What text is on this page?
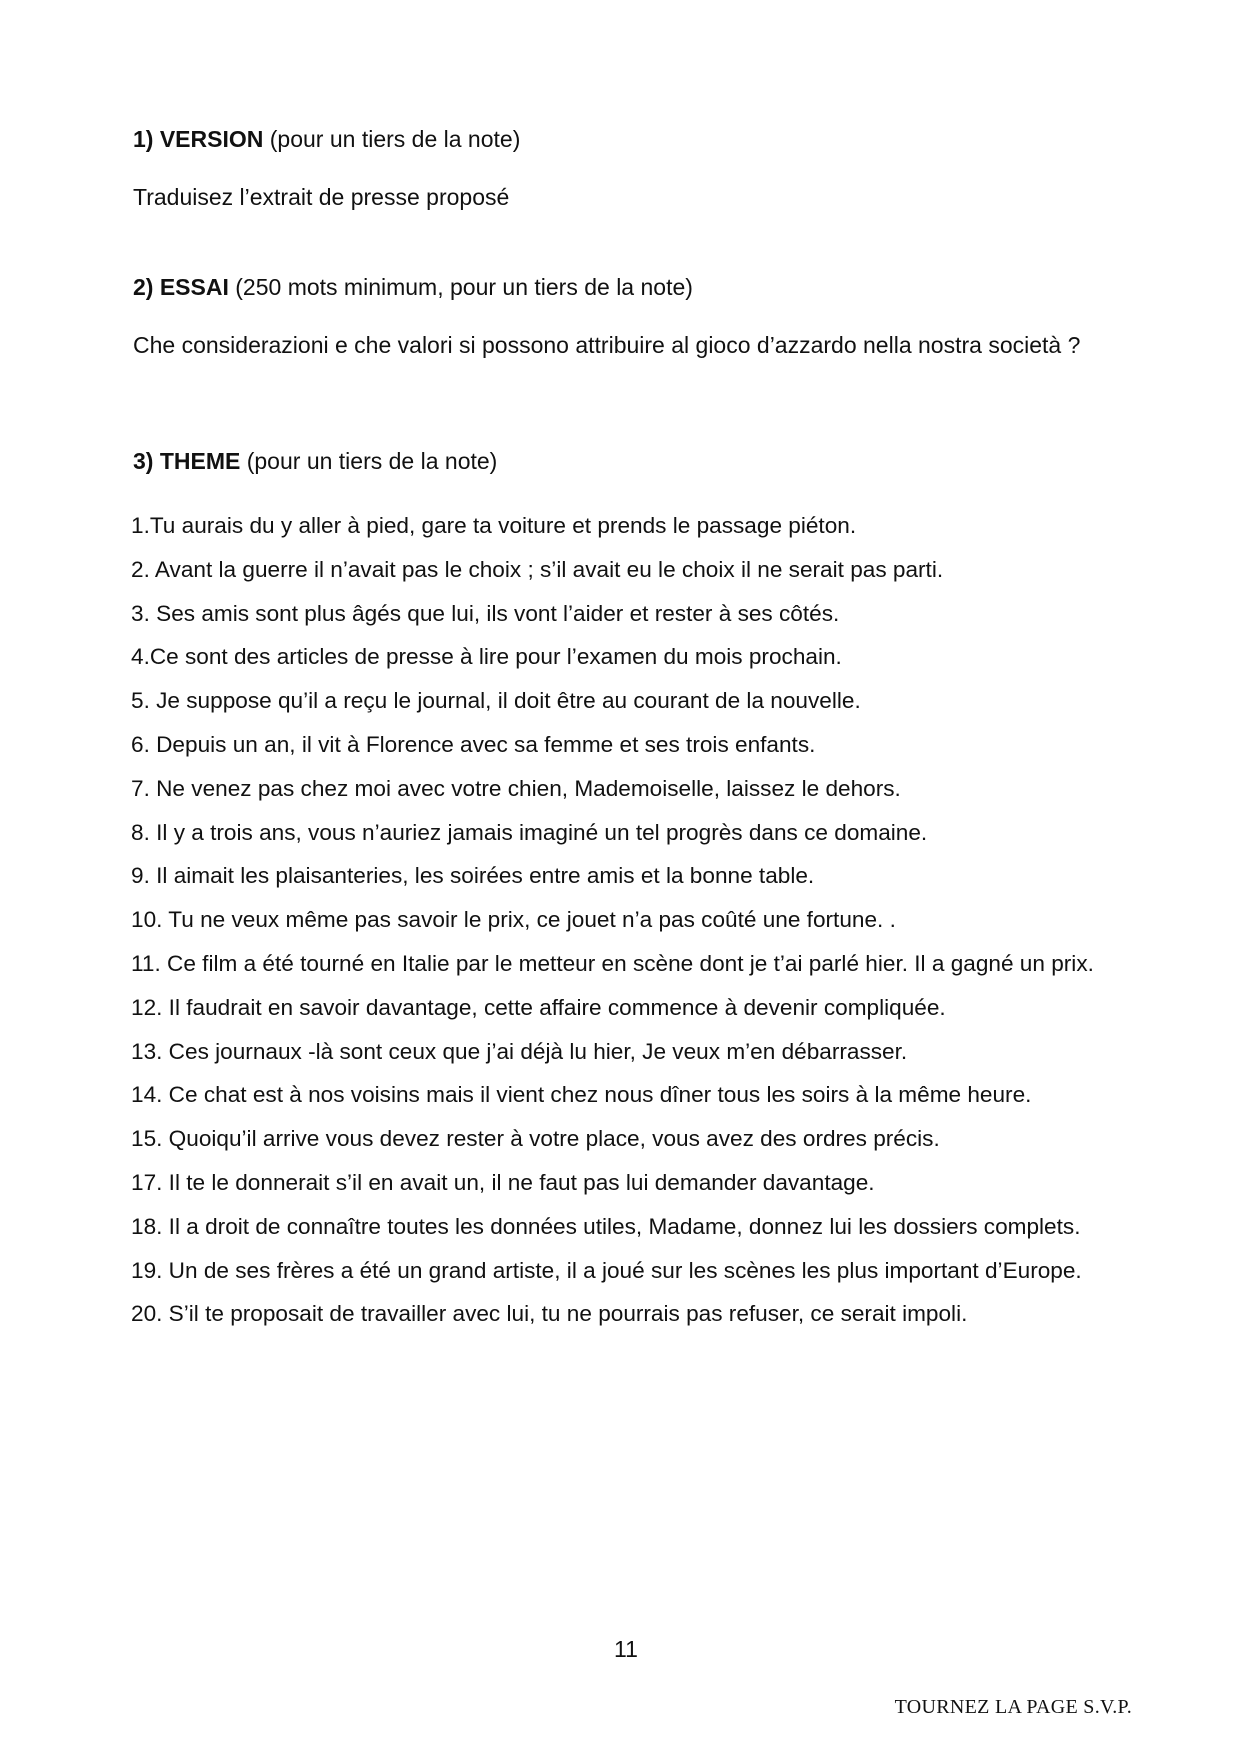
1) VERSION (pour un tiers de la note)
Traduisez l’extrait de presse proposé
2) ESSAI (250 mots minimum, pour un tiers de la note)
Che considerazioni e che valori si possono attribuire al gioco d’azzardo nella nostra società ?
3) THEME (pour un tiers de la note)
1.Tu aurais du y aller à pied, gare ta voiture et prends le passage piéton.
2. Avant la guerre il n’avait pas le choix ; s’il avait eu le choix il ne serait pas parti.
3. Ses amis sont plus âgés que lui, ils vont l’aider et rester à ses côtés.
4.Ce sont des articles de presse à lire pour l’examen du mois prochain.
5. Je suppose qu’il a reçu le journal, il doit être au courant de la nouvelle.
6. Depuis un an, il vit à Florence avec sa femme et ses trois enfants.
7. Ne venez pas chez moi avec votre chien, Mademoiselle, laissez le dehors.
8. Il y a trois ans, vous n’auriez jamais imaginé un tel progrès dans ce domaine.
9. Il aimait les plaisanteries, les soirées entre amis et la bonne table.
10. Tu ne veux même pas savoir le prix, ce jouet n’a pas coûté une fortune. .
11. Ce film a été tourné en Italie par le metteur en scène dont je t’ai parlé hier. Il a gagné un prix.
12. Il faudrait en savoir davantage, cette affaire commence à devenir compliquée.
13. Ces journaux -là sont ceux que j’ai déjà lu hier, Je veux m’en débarrasser.
14. Ce chat est à nos voisins mais il vient chez nous dîner tous les soirs à la même heure.
15. Quoiqu’il arrive vous devez rester à votre place, vous avez des ordres précis.
17. Il te le donnerait s’il en avait un, il ne faut pas lui demander davantage.
18. Il a droit de connaître toutes les données utiles, Madame, donnez lui les dossiers complets.
19. Un de ses frères a été un grand artiste, il a joué sur les scènes les plus important d’Europe.
20. S’il te proposait de travailler avec lui, tu ne pourrais pas refuser, ce serait impoli.
11
TOURNEZ LA PAGE S.V.P.
